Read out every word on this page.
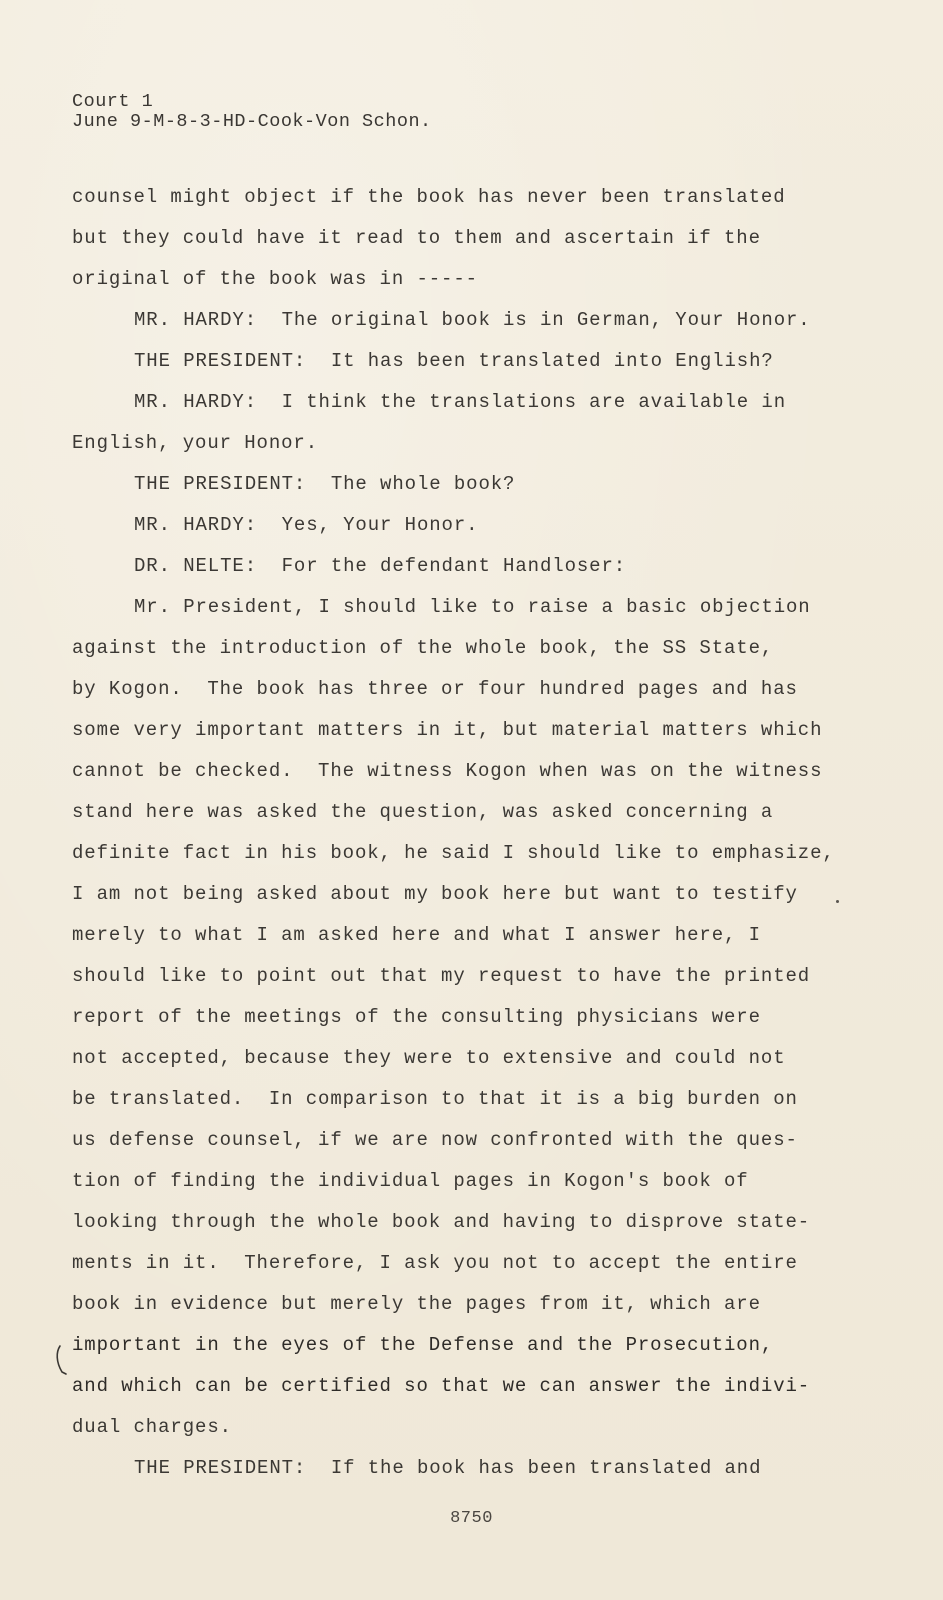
Court 1
June 9-M-8-3-HD-Cook-Von Schon.
counsel might object if the book has never been translated
but they could have it read to them and ascertain if the
original of the book was in -----
MR. HARDY:  The original book is in German, Your Honor.
THE PRESIDENT:  It has been translated into English?
MR. HARDY:  I think the translations are available in
English, your Honor.
THE PRESIDENT:  The whole book?
MR. HARDY:  Yes, Your Honor.
DR. NELTE:  For the defendant Handloser:
Mr. President, I should like to raise a basic objection
against the introduction of the whole book, the SS State,
by Kogon.  The book has three or four hundred pages and has
some very important matters in it, but material matters which
cannot be checked.  The witness Kogon when was on the witness
stand here was asked the question, was asked concerning a
definite fact in his book, he said I should like to emphasize,
I am not being asked about my book here but want to testify
merely to what I am asked here and what I answer here, I
should like to point out that my request to have the printed
report of the meetings of the consulting physicians were
not accepted, because they were to extensive and could not
be translated.  In comparison to that it is a big burden on
us defense counsel, if we are now confronted with the ques-
tion of finding the individual pages in Kogon's book of
looking through the whole book and having to disprove state-
ments in it.  Therefore, I ask you not to accept the entire
book in evidence but merely the pages from it, which are
important in the eyes of the Defense and the Prosecution,
and which can be certified so that we can answer the indivi-
dual charges.
THE PRESIDENT:  If the book has been translated and
8750
